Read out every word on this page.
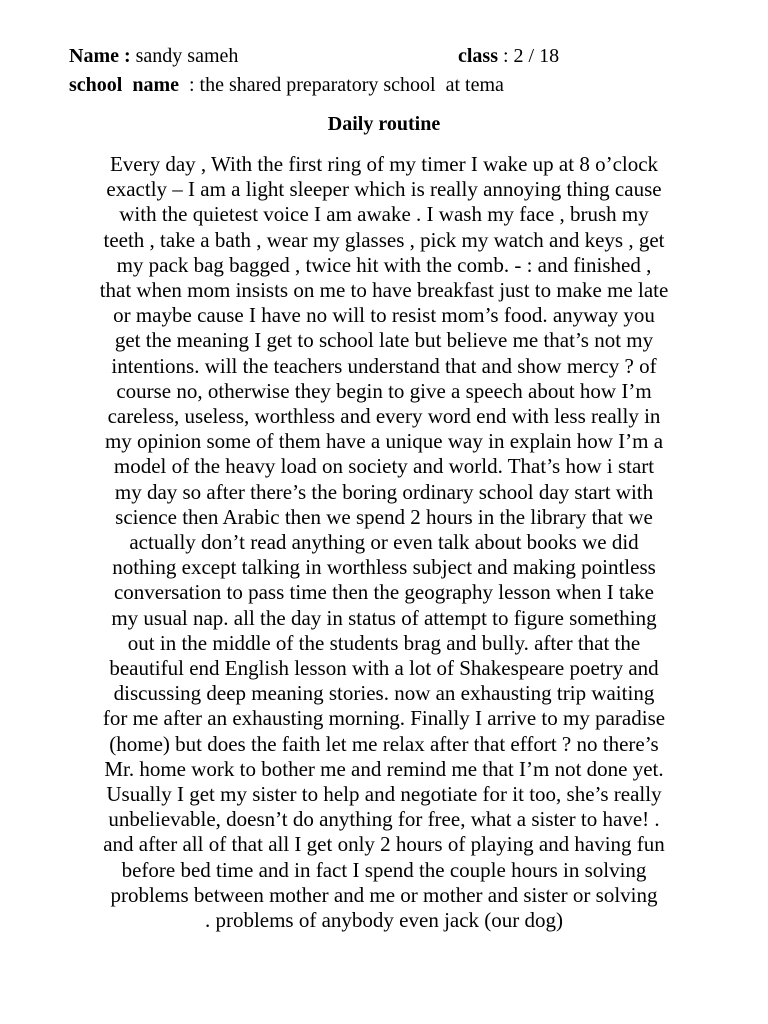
Name : sandy sameh	class : 2 / 18
school  name  : the shared preparatory school  at tema
Daily routine
Every day , With the first ring of my timer I wake up at 8 o’clock
exactly – I am a light sleeper which is really annoying thing cause
with the quietest voice I am awake . I wash my face , brush my
teeth , take a bath , wear my glasses , pick my watch and keys , get
my pack bag bagged , twice hit with the comb. - : and finished ,
that when mom insists on me to have breakfast just to make me late
or maybe cause I have no will to resist mom’s food. anyway you
get the meaning I get to school late but believe me that’s not my
intentions. will the teachers understand that and show mercy ? of
course no, otherwise they begin to give a speech about how I’m
careless, useless, worthless and every word end with less really in
my opinion some of them have a unique way in explain how I’m a
model of the heavy load on society and world. That’s how i start
my day so after there’s the boring ordinary school day start with
science then Arabic then we spend 2 hours in the library that we
actually don’t read anything or even talk about books we did
nothing except talking in worthless subject and making pointless
conversation to pass time then the geography lesson when I take
my usual nap. all the day in status of attempt to figure something
out in the middle of the students brag and bully. after that the
beautiful end English lesson with a lot of Shakespeare poetry and
discussing deep meaning stories. now an exhausting trip waiting
for me after an exhausting morning. Finally I arrive to my paradise
(home) but does the faith let me relax after that effort ? no there’s
Mr. home work to bother me and remind me that I’m not done yet.
Usually I get my sister to help and negotiate for it too, she’s really
unbelievable, doesn’t do anything for free, what a sister to have! .
and after all of that all I get only 2 hours of playing and having fun
before bed time and in fact I spend the couple hours in solving
problems between mother and me or mother and sister or solving
. problems of anybody even jack (our dog)
